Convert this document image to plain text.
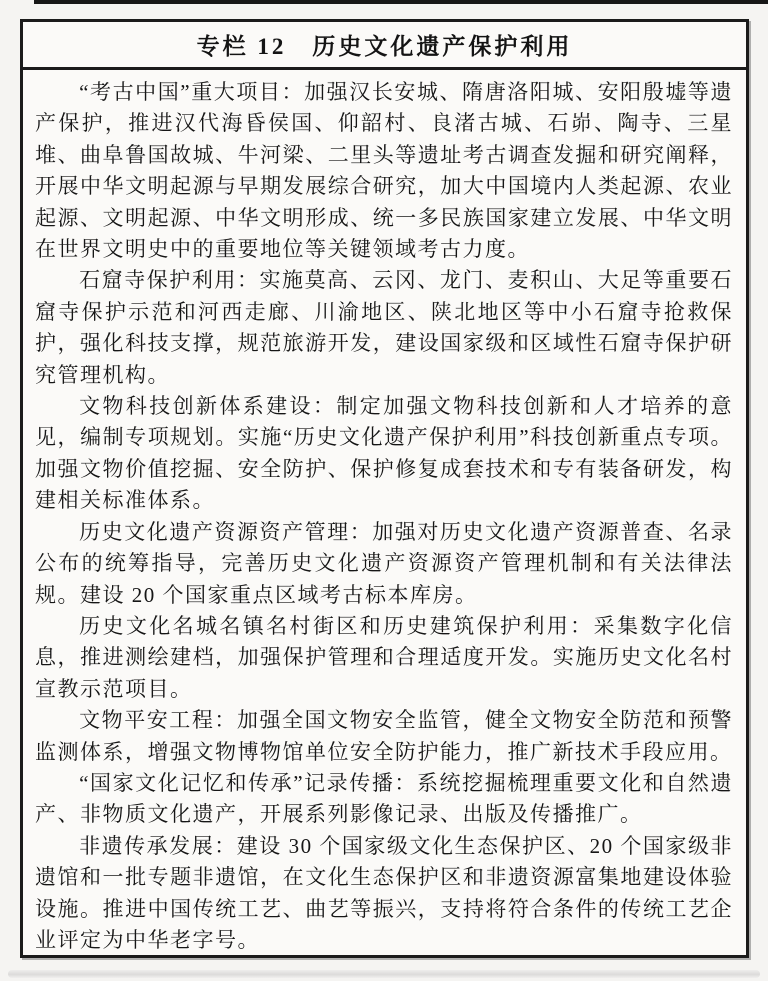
专栏 12　历史文化遗产保护利用

“考古中国”重大项目：加强汉长安城、隋唐洛阳城、安阳殷墟等遗产保护，推进汉代海昏侯国、仰韶村、良渚古城、石峁、陶寺、三星堆、曲阜鲁国故城、牛河梁、二里头等遗址考古调查发掘和研究阐释，开展中华文明起源与早期发展综合研究，加大中国境内人类起源、农业起源、文明起源、中华文明形成、统一多民族国家建立发展、中华文明在世界文明史中的重要地位等关键领域考古力度。

石窟寺保护利用：实施莫高、云冈、龙门、麦积山、大足等重要石窟寺保护示范和河西走廊、川渝地区、陕北地区等中小石窟寺抢救保护，强化科技支撑，规范旅游开发，建设国家级和区域性石窟寺保护研究管理机构。

文物科技创新体系建设：制定加强文物科技创新和人才培养的意见，编制专项规划。实施“历史文化遗产保护利用”科技创新重点专项。加强文物价值挖掘、安全防护、保护修复成套技术和专有装备研发，构建相关标准体系。

历史文化遗产资源资产管理：加强对历史文化遗产资源普查、名录公布的统筹指导，完善历史文化遗产资源资产管理机制和有关法律法规。建设 20 个国家重点区域考古标本库房。

历史文化名城名镇名村街区和历史建筑保护利用：采集数字化信息，推进测绘建档，加强保护管理和合理适度开发。实施历史文化名村宣教示范项目。

文物平安工程：加强全国文物安全监管，健全文物安全防范和预警监测体系，增强文物博物馆单位安全防护能力，推广新技术手段应用。

“国家文化记忆和传承”记录传播：系统挖掘梳理重要文化和自然遗产、非物质文化遗产，开展系列影像记录、出版及传播推广。

非遗传承发展：建设 30 个国家级文化生态保护区、20 个国家级非遗馆和一批专题非遗馆，在文化生态保护区和非遗资源富集地建设体验设施。推进中国传统工艺、曲艺等振兴，支持将符合条件的传统工艺企业评定为中华老字号。
